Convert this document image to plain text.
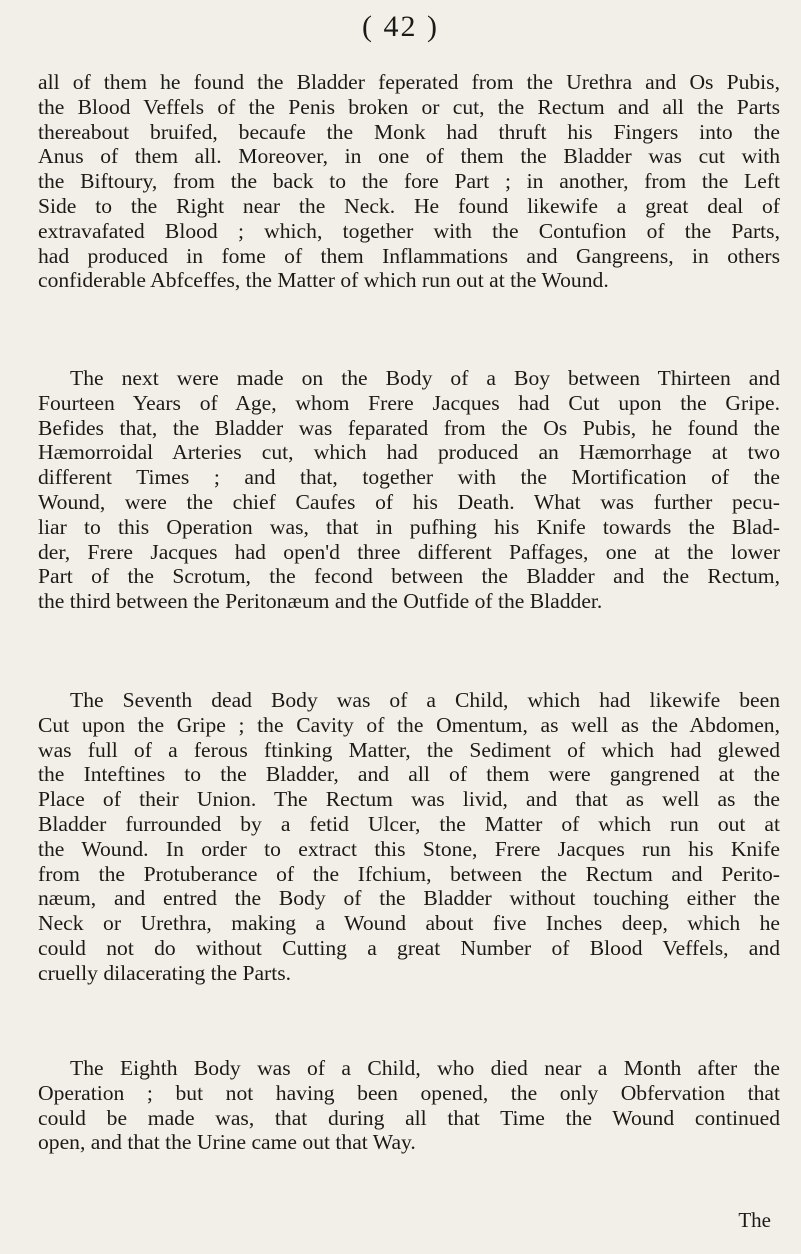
( 42 )

all of them he found the Bladder feperated from the Urethra and Os Pubis,
the Blood Veffels of the Penis broken or cut, the Rectum and all the Parts
thereabout bruifed, becaufe the Monk had thruft his Fingers into the
Anus of them all. Moreover, in one of them the Bladder was cut with
the Biftoury, from the back to the fore Part ; in another, from the Left
Side to the Right near the Neck. He found likewife a great deal of
extravafated Blood ; which, together with the Contufion of the Parts,
had produced in fome of them Inflammations and Gangreens, in others
confiderable Abfceffes, the Matter of which run out at the Wound.

The next were made on the Body of a Boy between Thirteen and
Fourteen Years of Age, whom Frere Jacques had Cut upon the Gripe.
Befides that, the Bladder was feparated from the Os Pubis, he found the
Hæmorroidal Arteries cut, which had produced an Hæmorrhage at two
different Times ; and that, together with the Mortification of the
Wound, were the chief Caufes of his Death. What was further pecu-
liar to this Operation was, that in pufhing his Knife towards the Blad-
der, Frere Jacques had open'd three different Paffages, one at the lower
Part of the Scrotum, the fecond between the Bladder and the Rectum,
the third between the Peritonæum and the Outfide of the Bladder.

The Seventh dead Body was of a Child, which had likewife been
Cut upon the Gripe ; the Cavity of the Omentum, as well as the Abdomen,
was full of a ferous ftinking Matter, the Sediment of which had glewed
the Inteftines to the Bladder, and all of them were gangrened at the
Place of their Union. The Rectum was livid, and that as well as the
Bladder furrounded by a fetid Ulcer, the Matter of which run out at
the Wound. In order to extract this Stone, Frere Jacques run his Knife
from the Protuberance of the Ifchium, between the Rectum and Perito-
næum, and entred the Body of the Bladder without touching either the
Neck or Urethra, making a Wound about five Inches deep, which he
could not do without Cutting a great Number of Blood Veffels, and
cruelly dilacerating the Parts.

The Eighth Body was of a Child, who died near a Month after the
Operation ; but not having been opened, the only Obfervation that
could be made was, that during all that Time the Wound continued
open, and that the Urine came out that Way.

The
